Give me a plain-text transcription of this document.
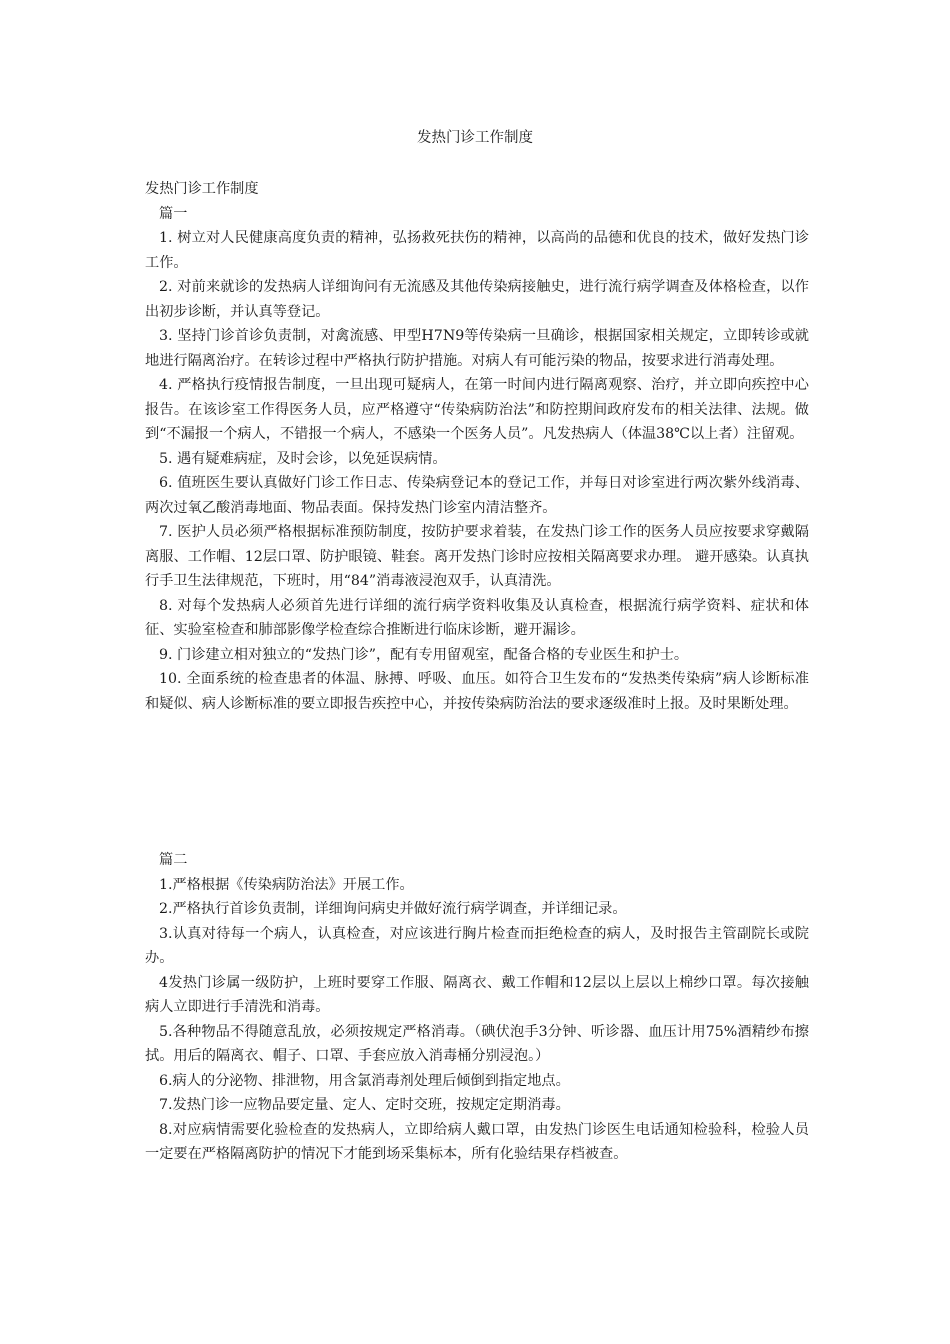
发热门诊工作制度

发热门诊工作制度

篇一

1. 树立对人民健康高度负责的精神，弘扬救死扶伤的精神，以高尚的品德和优良的技术，做好发热门诊工作。

2. 对前来就诊的发热病人详细询问有无流感及其他传染病接触史，进行流行病学调查及体格检查，以作出初步诊断，并认真等登记。

3. 坚持门诊首诊负责制，对禽流感、甲型H7N9等传染病一旦确诊，根据国家相关规定，立即转诊或就地进行隔离治疗。在转诊过程中严格执行防护措施。对病人有可能污染的物品，按要求进行消毒处理。

4. 严格执行疫情报告制度，一旦出现可疑病人，在第一时间内进行隔离观察、治疗，并立即向疾控中心报告。在该诊室工作得医务人员，应严格遵守“传染病防治法”和防控期间政府发布的相关法律、法规。做到“不漏报一个病人，不错报一个病人，不感染一个医务人员”。凡发热病人（体温38℃以上者）注留观。

5. 遇有疑难病症，及时会诊，以免延误病情。

6. 值班医生要认真做好门诊工作日志、传染病登记本的登记工作，并每日对诊室进行两次紫外线消毒、两次过氧乙酸消毒地面、物品表面。保持发热门诊室内清洁整齐。

7. 医护人员必须严格根据标准预防制度，按防护要求着装，在发热门诊工作的医务人员应按要求穿戴隔离服、工作帽、12层口罩、防护眼镜、鞋套。离开发热门诊时应按相关隔离要求办理。 避开感染。认真执行手卫生法律规范，下班时，用“84”消毒液浸泡双手，认真清洗。

8. 对每个发热病人必须首先进行详细的流行病学资料收集及认真检查，根据流行病学资料、症状和体征、实验室检查和肺部影像学检查综合推断进行临床诊断，避开漏诊。

9. 门诊建立相对独立的“发热门诊”，配有专用留观室，配备合格的专业医生和护士。

10. 全面系统的检查患者的体温、脉搏、呼吸、血压。如符合卫生发布的“发热类传染病”病人诊断标准和疑似、病人诊断标准的要立即报告疾控中心，并按传染病防治法的要求逐级准时上报。及时果断处理。

篇二

1.严格根据《传染病防治法》开展工作。

2.严格执行首诊负责制，详细询问病史并做好流行病学调查，并详细记录。

3.认真对待每一个病人，认真检查，对应该进行胸片检查而拒绝检查的病人，及时报告主管副院长或院办。

4发热门诊属一级防护，上班时要穿工作服、隔离衣、戴工作帽和12层以上层以上棉纱口罩。每次接触病人立即进行手清洗和消毒。

5.各种物品不得随意乱放，必须按规定严格消毒。（碘伏泡手3分钟、听诊器、血压计用75%酒精纱布擦拭。用后的隔离衣、帽子、口罩、手套应放入消毒桶分别浸泡。）

6.病人的分泌物、排泄物，用含氯消毒剂处理后倾倒到指定地点。

7.发热门诊一应物品要定量、定人、定时交班，按规定定期消毒。

8.对应病情需要化验检查的发热病人，立即给病人戴口罩，由发热门诊医生电话通知检验科，检验人员一定要在严格隔离防护的情况下才能到场采集标本，所有化验结果存档被查。
